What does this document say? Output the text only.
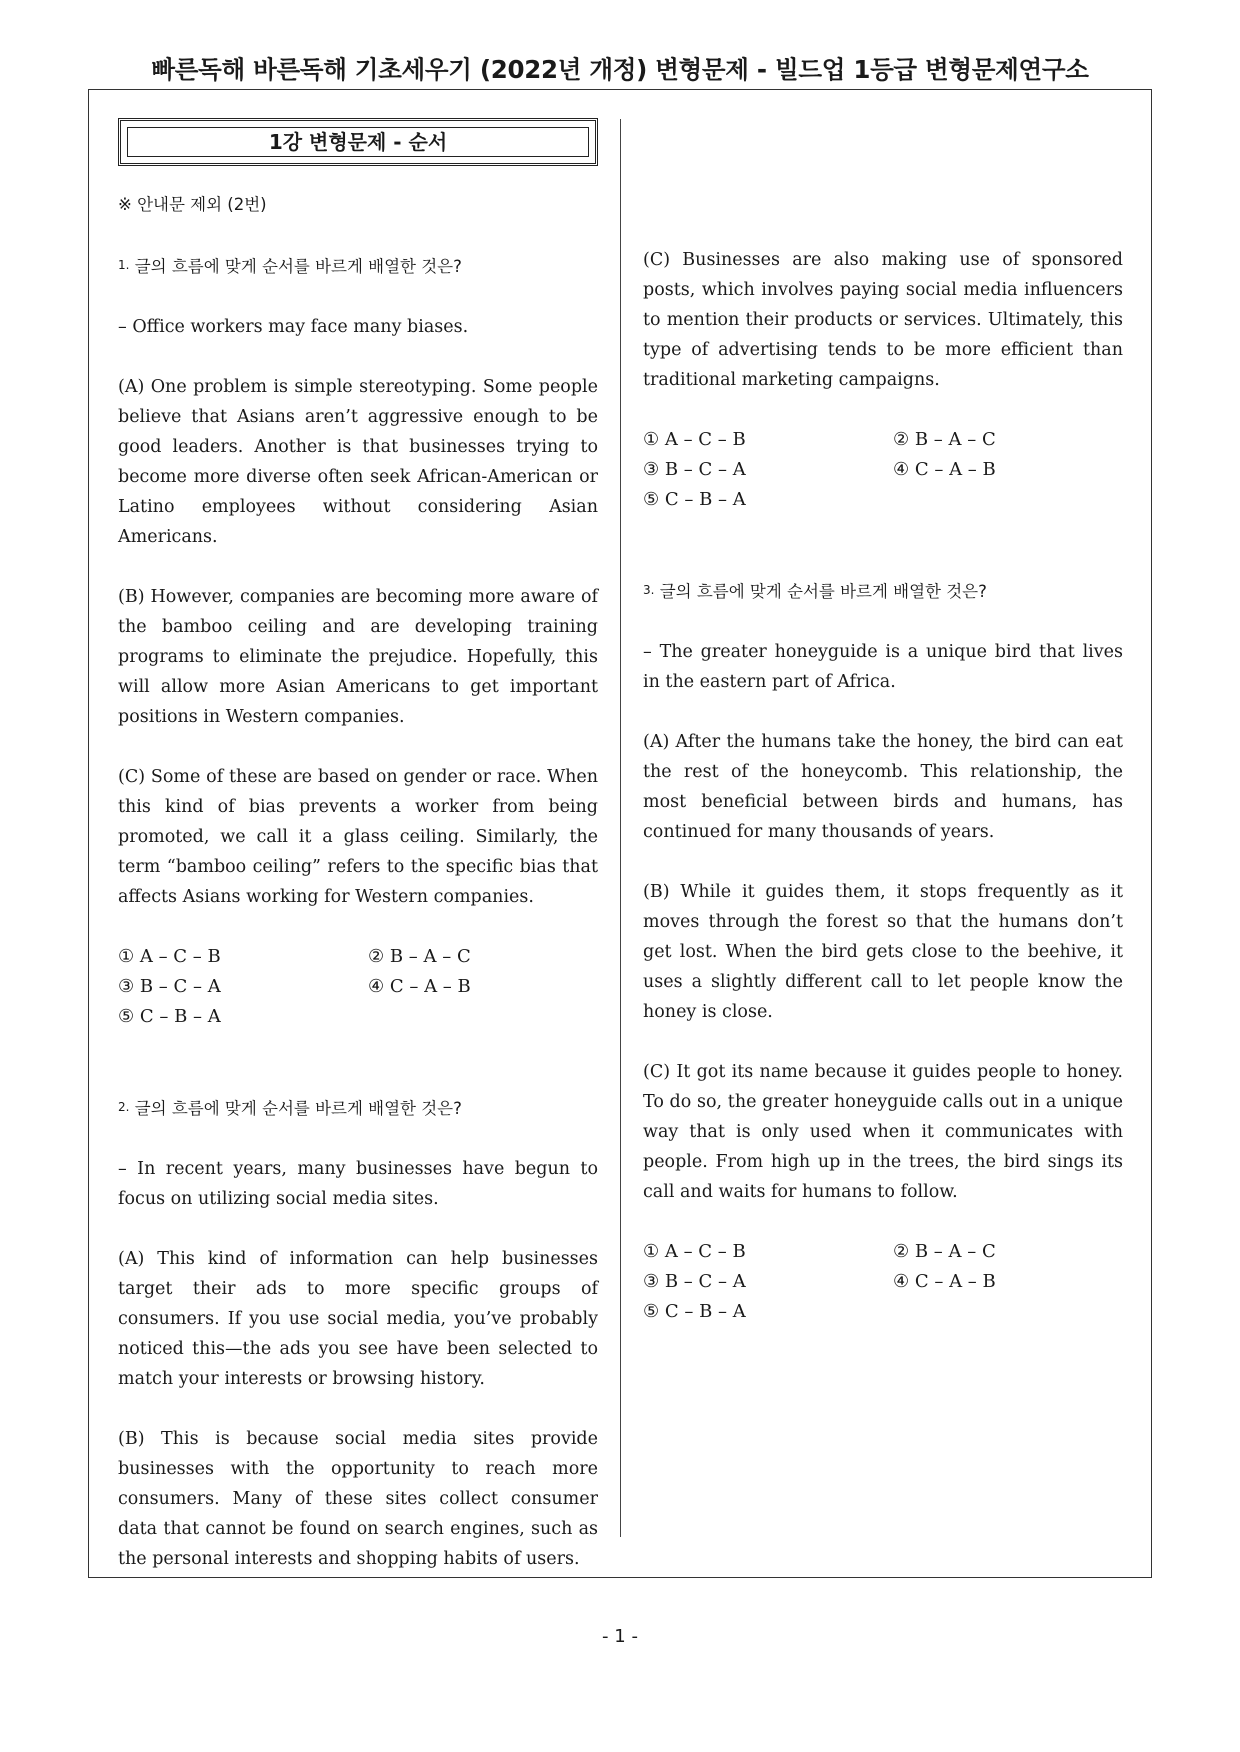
빠른독해 바른독해 기초세우기 (2022년 개정) 변형문제 - 빌드업 1등급 변형문제연구소
1강 변형문제 - 순서

※ 안내문 제외 (2번)

1. 글의 흐름에 맞게 순서를 바르게 배열한 것은?

– Office workers may face many biases.

(A) One problem is simple stereotyping. Some people believe that Asians aren’t aggressive enough to be good leaders. Another is that businesses trying to become more diverse often seek African-American or Latino employees without considering Asian Americans.

(B) However, companies are becoming more aware of the bamboo ceiling and are developing training programs to eliminate the prejudice. Hopefully, this will allow more Asian Americans to get important positions in Western companies.

(C) Some of these are based on gender or race. When this kind of bias prevents a worker from being promoted, we call it a glass ceiling. Similarly, the term “bamboo ceiling” refers to the specific bias that affects Asians working for Western companies.

① A – C – B	② B – A – C
③ B – C – A	④ C – A – B
⑤ C – B – A

2. 글의 흐름에 맞게 순서를 바르게 배열한 것은?

– In recent years, many businesses have begun to focus on utilizing social media sites.

(A) This kind of information can help businesses target their ads to more specific groups of consumers. If you use social media, you’ve probably noticed this—the ads you see have been selected to match your interests or browsing history.

(B) This is because social media sites provide businesses with the opportunity to reach more consumers. Many of these sites collect consumer data that cannot be found on search engines, such as the personal interests and shopping habits of users.

(C) Businesses are also making use of sponsored posts, which involves paying social media influencers to mention their products or services. Ultimately, this type of advertising tends to be more efficient than traditional marketing campaigns.

① A – C – B	② B – A – C
③ B – C – A	④ C – A – B
⑤ C – B – A

3. 글의 흐름에 맞게 순서를 바르게 배열한 것은?

– The greater honeyguide is a unique bird that lives in the eastern part of Africa.

(A) After the humans take the honey, the bird can eat the rest of the honeycomb. This relationship, the most beneficial between birds and humans, has continued for many thousands of years.

(B) While it guides them, it stops frequently as it moves through the forest so that the humans don’t get lost. When the bird gets close to the beehive, it uses a slightly different call to let people know the honey is close.

(C) It got its name because it guides people to honey. To do so, the greater honeyguide calls out in a unique way that is only used when it communicates with people. From high up in the trees, the bird sings its call and waits for humans to follow.

① A – C – B	② B – A – C
③ B – C – A	④ C – A – B
⑤ C – B – A
- 1 -
